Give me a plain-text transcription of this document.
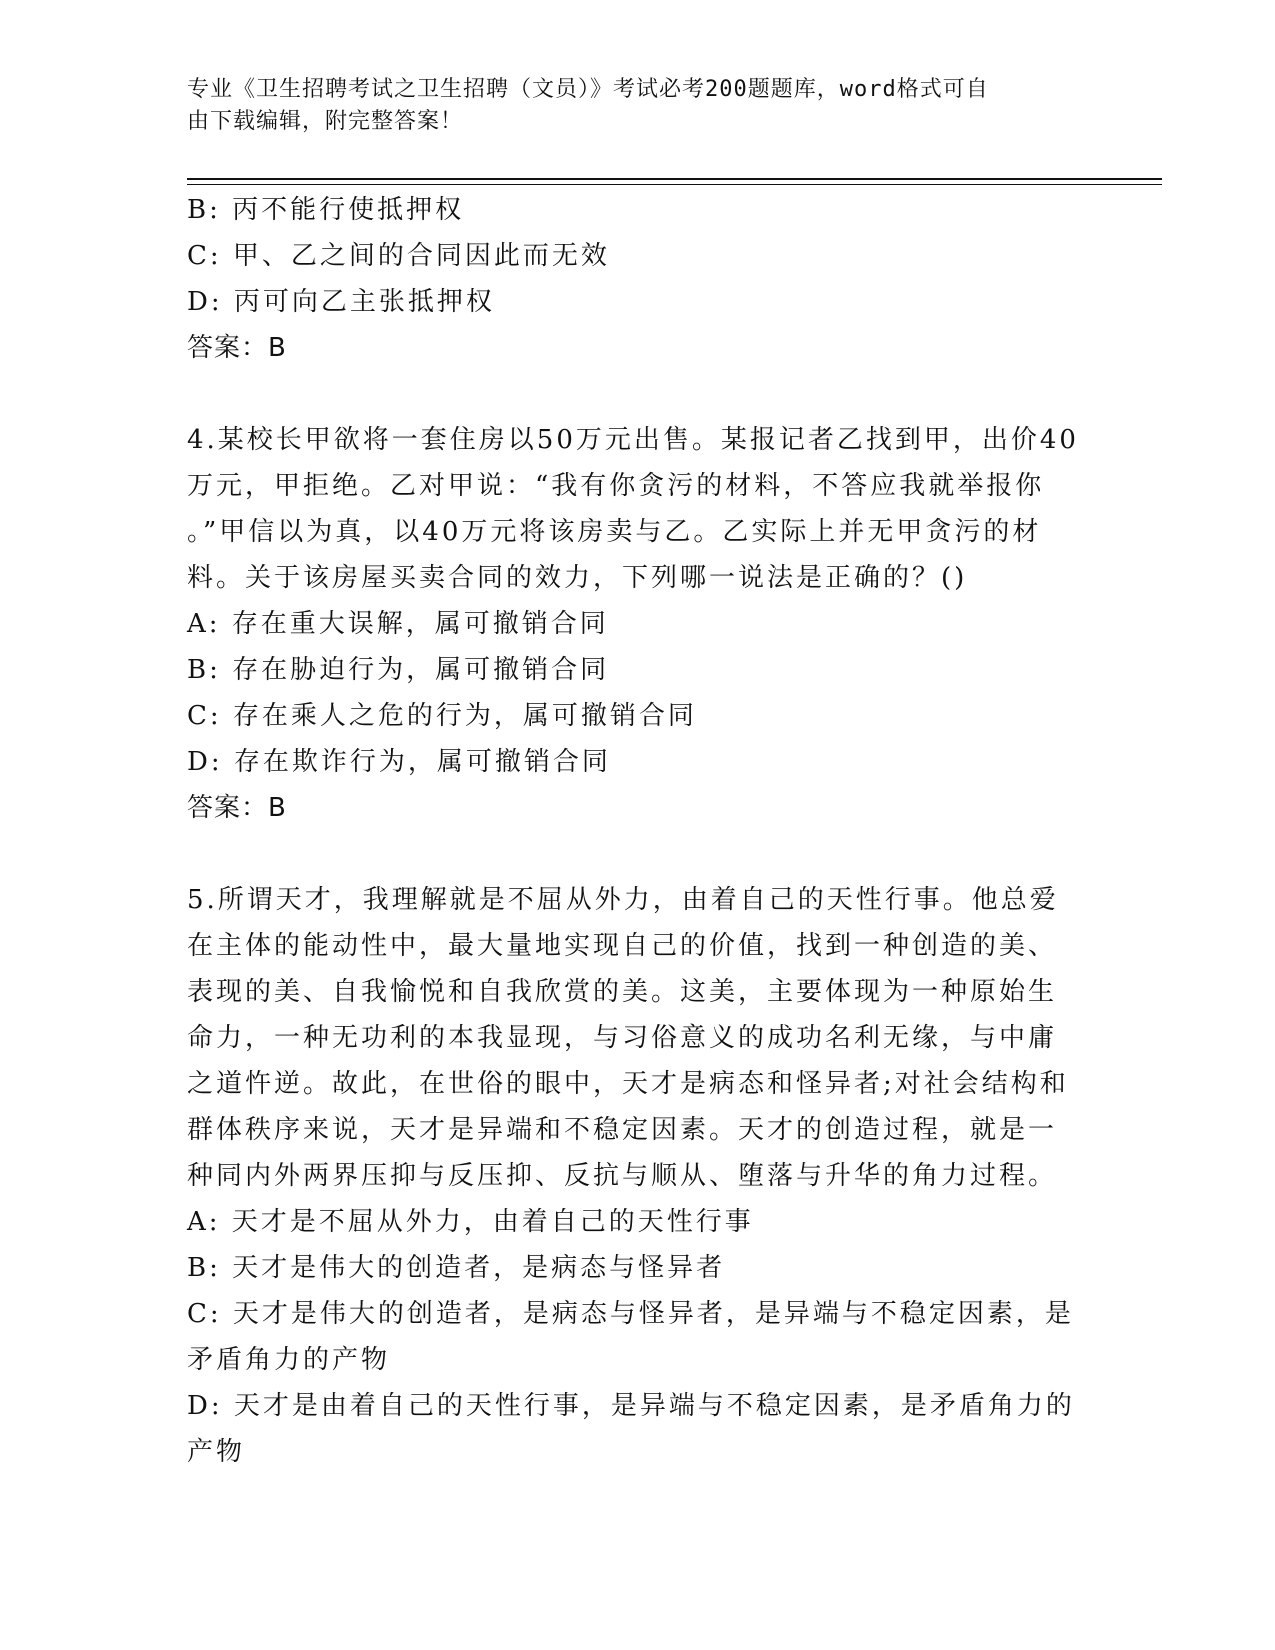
专业《卫生招聘考试之卫生招聘（文员）》考试必考200题题库，word格式可自
由下载编辑，附完整答案！
B: 丙不能行使抵押权
C: 甲、乙之间的合同因此而无效
D: 丙可向乙主张抵押权
答案：B
4.某校长甲欲将一套住房以50万元出售。某报记者乙找到甲，出价40
万元，甲拒绝。乙对甲说：“我有你贪污的材料，不答应我就举报你
。”甲信以为真，以40万元将该房卖与乙。乙实际上并无甲贪污的材
料。关于该房屋买卖合同的效力，下列哪一说法是正确的？()
A: 存在重大误解，属可撤销合同
B: 存在胁迫行为，属可撤销合同
C: 存在乘人之危的行为，属可撤销合同
D: 存在欺诈行为，属可撤销合同
答案：B
5.所谓天才，我理解就是不屈从外力，由着自己的天性行事。他总爱
在主体的能动性中，最大量地实现自己的价值，找到一种创造的美、
表现的美、自我愉悦和自我欣赏的美。这美，主要体现为一种原始生
命力，一种无功利的本我显现，与习俗意义的成功名利无缘，与中庸
之道忤逆。故此，在世俗的眼中，天才是病态和怪异者;对社会结构和
群体秩序来说，天才是异端和不稳定因素。天才的创造过程，就是一
种同内外两界压抑与反压抑、反抗与顺从、堕落与升华的角力过程。
A: 天才是不屈从外力，由着自己的天性行事
B: 天才是伟大的创造者，是病态与怪异者
C: 天才是伟大的创造者，是病态与怪异者，是异端与不稳定因素，是
矛盾角力的产物
D: 天才是由着自己的天性行事，是异端与不稳定因素，是矛盾角力的
产物
